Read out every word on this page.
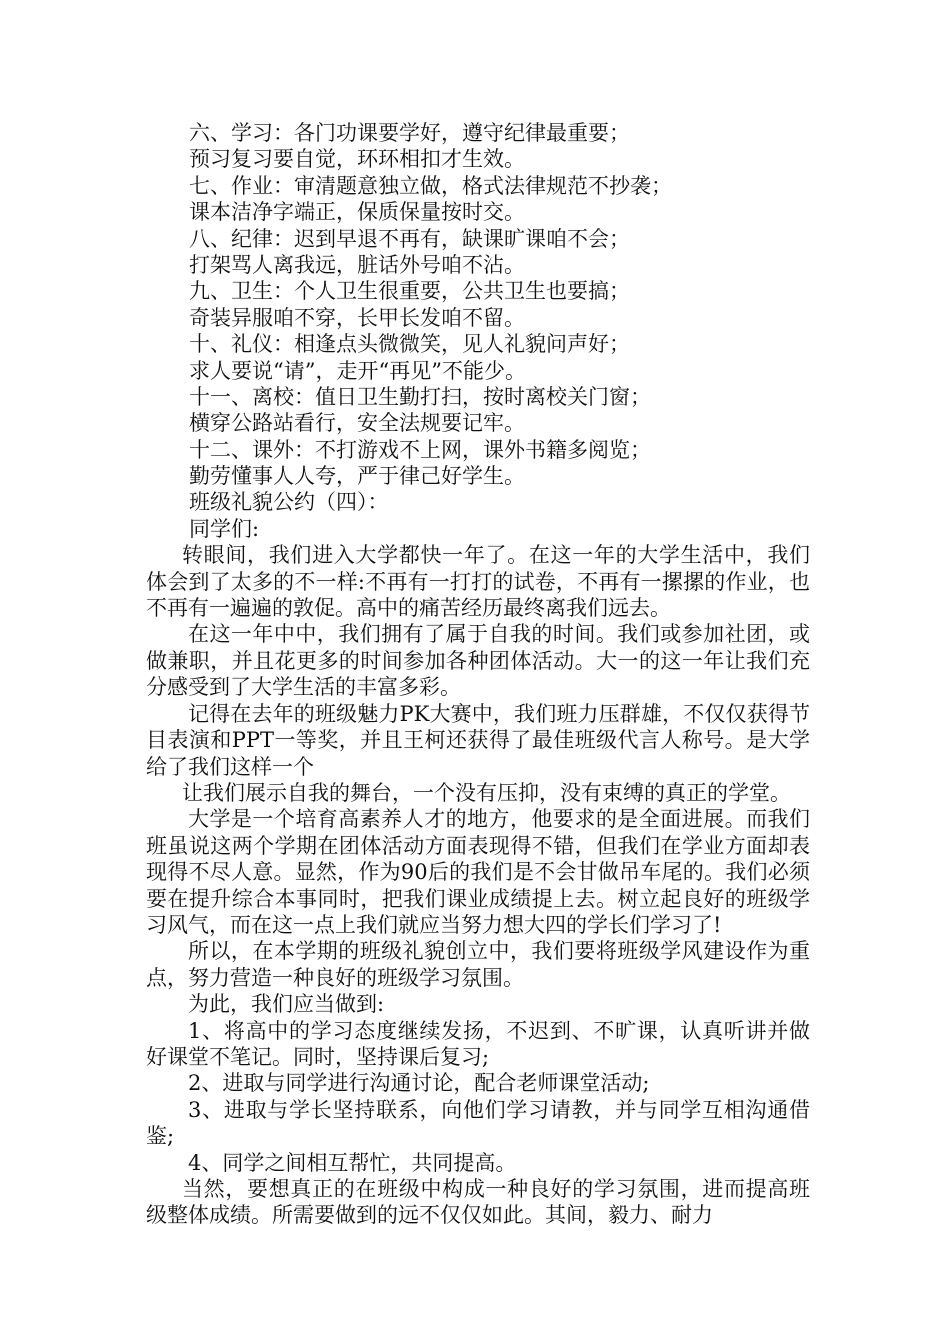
六、学习：各门功课要学好，遵守纪律最重要；
预习复习要自觉，环环相扣才生效。
七、作业：审清题意独立做，格式法律规范不抄袭；
课本洁净字端正，保质保量按时交。
八、纪律：迟到早退不再有，缺课旷课咱不会；
打架骂人离我远，脏话外号咱不沾。
九、卫生：个人卫生很重要，公共卫生也要搞；
奇装异服咱不穿，长甲长发咱不留。
十、礼仪：相逢点头微微笑，见人礼貌问声好；
求人要说“请”，走开“再见”不能少。
十一、离校：值日卫生勤打扫，按时离校关门窗；
横穿公路站看行，安全法规要记牢。
十二、课外：不打游戏不上网，课外书籍多阅览；
勤劳懂事人人夸，严于律己好学生。
班级礼貌公约（四）：
同学们:

转眼间，我们进入大学都快一年了。在这一年的大学生活中，我们体会到了太多的不一样:不再有一打打的试卷，不再有一摞摞的作业，也不再有一遍遍的敦促。高中的痛苦经历最终离我们远去。

在这一年中中，我们拥有了属于自我的时间。我们或参加社团，或做兼职，并且花更多的时间参加各种团体活动。大一的这一年让我们充分感受到了大学生活的丰富多彩。

记得在去年的班级魅力PK大赛中，我们班力压群雄，不仅仅获得节目表演和PPT一等奖，并且王柯还获得了最佳班级代言人称号。是大学给了我们这样一个

让我们展示自我的舞台，一个没有压抑，没有束缚的真正的学堂。

大学是一个培育高素养人才的地方，他要求的是全面进展。而我们班虽说这两个学期在团体活动方面表现得不错，但我们在学业方面却表现得不尽人意。显然，作为90后的我们是不会甘做吊车尾的。我们必须要在提升综合本事同时，把我们课业成绩提上去。树立起良好的班级学习风气，而在这一点上我们就应当努力想大四的学长们学习了!

所以，在本学期的班级礼貌创立中，我们要将班级学风建设作为重点，努力营造一种良好的班级学习氛围。

为此，我们应当做到:

1、将高中的学习态度继续发扬，不迟到、不旷课，认真听讲并做好课堂不笔记。同时，坚持课后复习;

2、进取与同学进行沟通讨论，配合老师课堂活动;

3、进取与学长坚持联系，向他们学习请教，并与同学互相沟通借鉴;

4、同学之间相互帮忙，共同提高。

当然，要想真正的在班级中构成一种良好的学习氛围，进而提高班级整体成绩。所需要做到的远不仅仅如此。其间，毅力、耐力
